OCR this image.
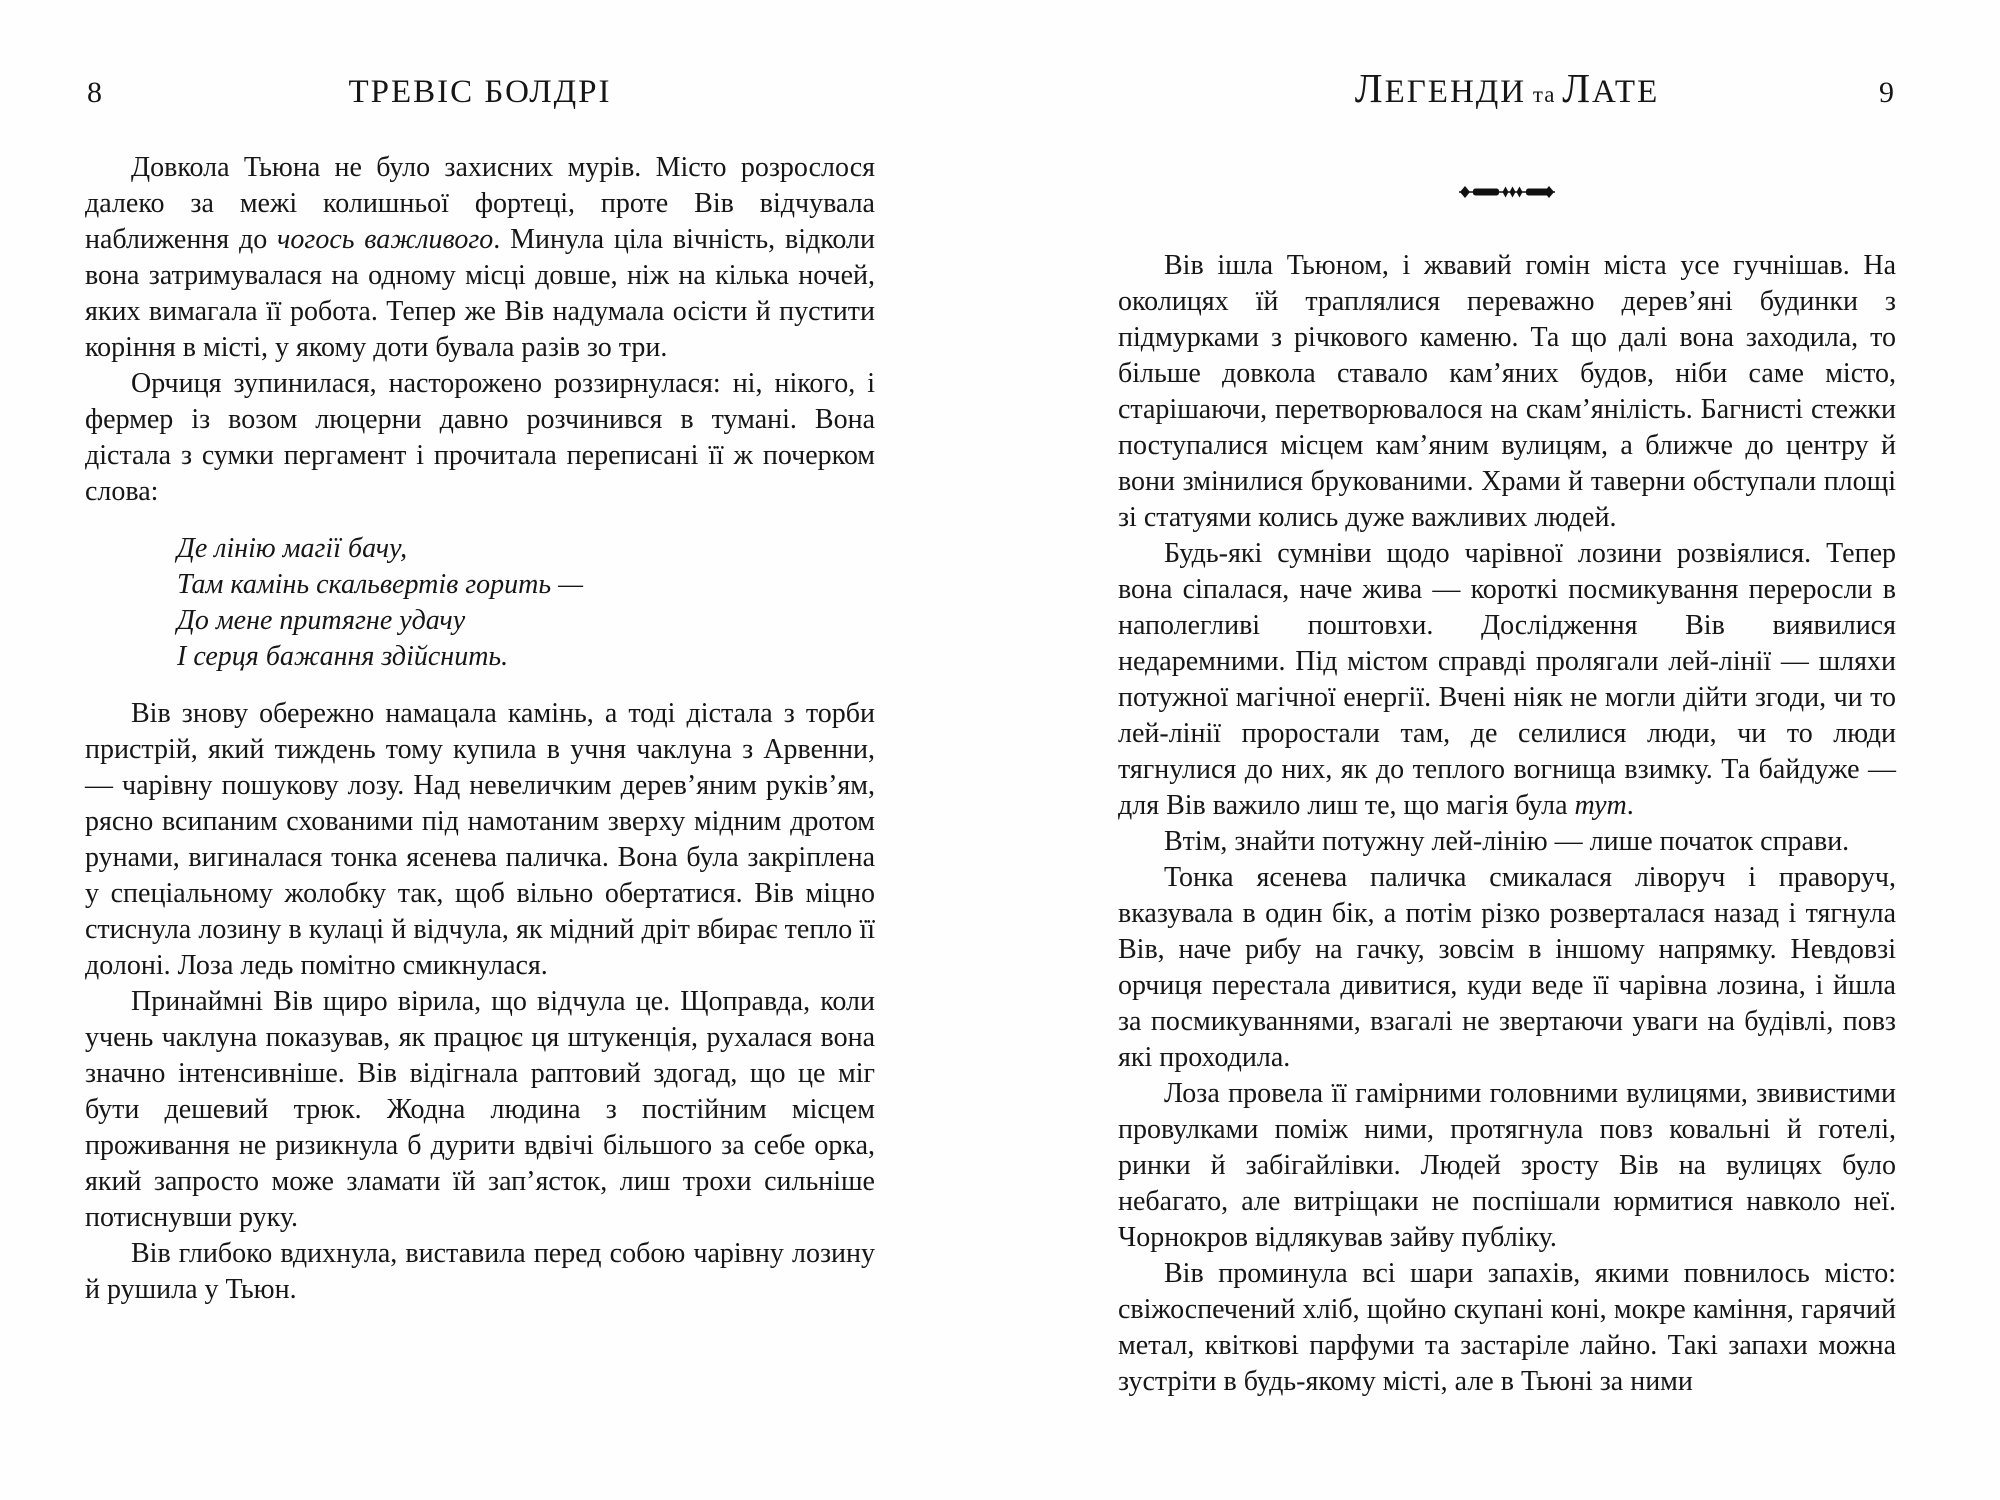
8	ТРЕВІС БОЛДРІ

Довкола Тьюна не було захисних мурів. Місто розрослося далеко за межі колишньої фортеці, проте Вів відчувала наближення до чогось важливого. Минула ціла вічність, відколи вона затримувалася на одному місці довше, ніж на кілька ночей, яких вимагала її робота. Тепер же Вів надумала осісти й пустити коріння в місті, у якому доти бувала разів зо три.

Орчиця зупинилася, насторожено роззирнулася: ні, нікого, і фермер із возом люцерни давно розчинився в тумані. Вона дістала з сумки пергамент і прочитала переписані її ж почерком слова:

Де лінію магії бачу,
Там камінь скальвертів горить —
До мене притягне удачу
І серця бажання здійснить.

Вів знову обережно намацала камінь, а тоді дістала з торби пристрій, який тиждень тому купила в учня чаклуна з Арвенни, — чарівну пошукову лозу. Над невеличким дерев’яним руків’ям, рясно всипаним схованими під намотаним зверху мідним дротом рунами, вигиналася тонка ясенева паличка. Вона була закріплена у спеціальному жолобку так, щоб вільно обертатися. Вів міцно стиснула лозину в кулаці й відчула, як мідний дріт вбирає тепло її долоні. Лоза ледь помітно смикнулася.

Принаймні Вів щиро вірила, що відчула це. Щоправда, коли учень чаклуна показував, як працює ця штукенція, рухалася вона значно інтенсивніше. Вів відігнала раптовий здогад, що це міг бути дешевий трюк. Жодна людина з постійним місцем проживання не ризикнула б дурити вдвічі більшого за себе орка, який запросто може зламати їй зап’ясток, лиш трохи сильніше потиснувши руку.

Вів глибоко вдихнула, виставила перед собою чарівну лозину й рушила у Тьюн.

ЛЕГЕНДИ та ЛАТЕ	9

Вів ішла Тьюном, і жвавий гомін міста усе гучнішав. На околицях їй траплялися переважно дерев’яні будинки з підмурками з річкового каменю. Та що далі вона заходила, то більше довкола ставало кам’яних будов, ніби саме місто, старішаючи, перетворювалося на скам’янілість. Багнисті стежки поступалися місцем кам’яним вулицям, а ближче до центру й вони змінилися брукованими. Храми й таверни обступали площі зі статуями колись дуже важливих людей.

Будь-які сумніви щодо чарівної лозини розвіялися. Тепер вона сіпалася, наче жива — короткі посмикування переросли в наполегливі поштовхи. Дослідження Вів виявилися недаремними. Під містом справді пролягали лей-лінії — шляхи потужної магічної енергії. Вчені ніяк не могли дійти згоди, чи то лей-лінії проростали там, де селилися люди, чи то люди тягнулися до них, як до теплого вогнища взимку. Та байдуже — для Вів важило лиш те, що магія була тут.

Втім, знайти потужну лей-лінію — лише початок справи.

Тонка ясенева паличка смикалася ліворуч і праворуч, вказувала в один бік, а потім різко розверталася назад і тягнула Вів, наче рибу на гачку, зовсім в іншому напрямку. Невдовзі орчиця перестала дивитися, куди веде її чарівна лозина, і йшла за посмикуваннями, взагалі не звертаючи уваги на будівлі, повз які проходила.

Лоза провела її гамірними головними вулицями, звивистими провулками поміж ними, протягнула повз ковальні й готелі, ринки й забігайлівки. Людей зросту Вів на вулицях було небагато, але витріщаки не поспішали юрмитися навколо неї. Чорнокров відлякував зайву публіку.

Вів проминула всі шари запахів, якими повнилось місто: свіжоспечений хліб, щойно скупані коні, мокре каміння, гарячий метал, квіткові парфуми та застаріле лайно. Такі запахи можна зустріти в будь-якому місті, але в Тьюні за ними
